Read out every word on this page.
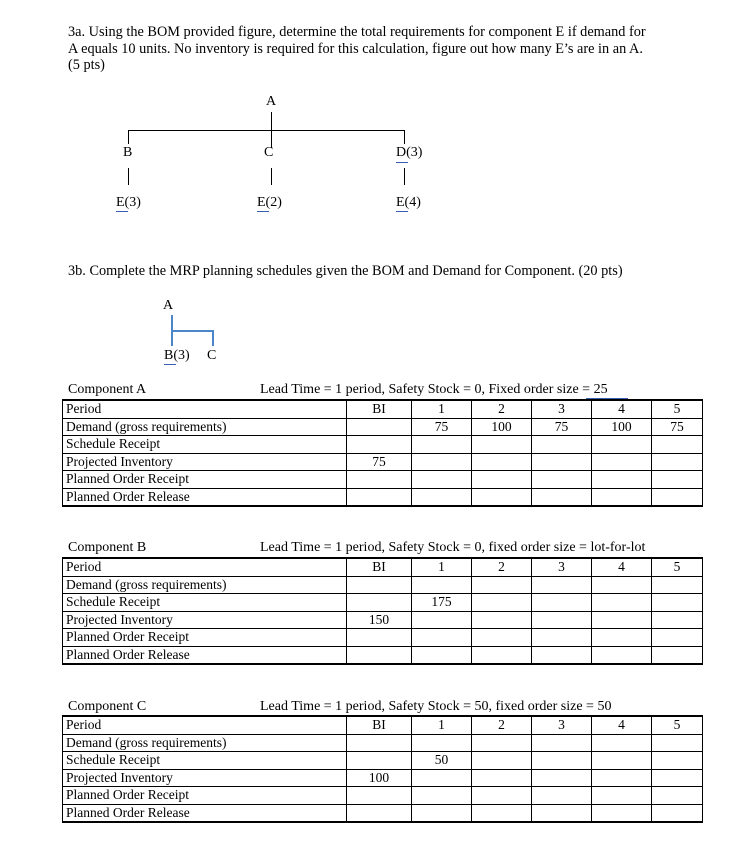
3a. Using the BOM provided figure, determine the total requirements for component E if demand for
A equals 10 units. No inventory is required for this calculation, figure out how many E’s are in an A.
(5 pts)
A
B	C	D(3)
E(3)	E(2)	E(4)
3b. Complete the MRP planning schedules given the BOM and Demand for Component. (20 pts)
A
B(3) C
Component A	Lead Time = 1 period, Safety Stock = 0, Fixed order size = 25
Period	BI	1	2	3	4	5
Demand (gross requirements)		75	100	75	100	75
Schedule Receipt						
Projected Inventory	75					
Planned Order Receipt						
Planned Order Release						
Component B	Lead Time = 1 period, Safety Stock = 0, fixed order size = lot-for-lot
Period	BI	1	2	3	4	5
Demand (gross requirements)						
Schedule Receipt		175				
Projected Inventory	150					
Planned Order Receipt						
Planned Order Release						
Component C	Lead Time = 1 period, Safety Stock = 50, fixed order size = 50
Period	BI	1	2	3	4	5
Demand (gross requirements)						
Schedule Receipt		50				
Projected Inventory	100					
Planned Order Receipt						
Planned Order Release						
